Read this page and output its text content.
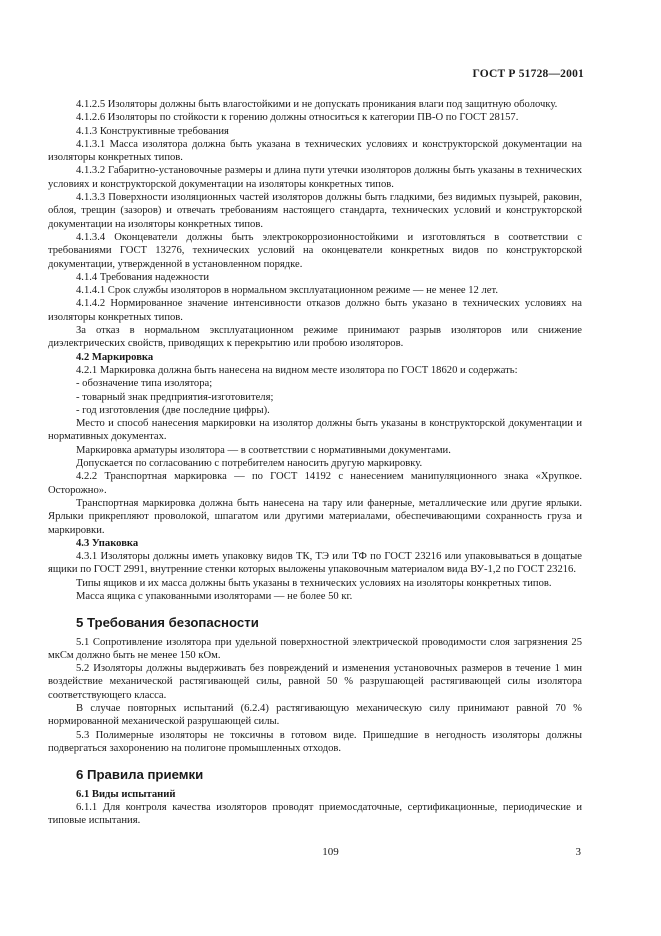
ГОСТ Р 51728—2001

4.1.2.5 Изоляторы должны быть влагостойкими и не допускать проникания влаги под защитную оболочку.

4.1.2.6 Изоляторы по стойкости к горению должны относиться к категории ПВ-О по ГОСТ 28157.

4.1.3 Конструктивные требования

4.1.3.1 Масса изолятора должна быть указана в технических условиях и конструкторской документации на изоляторы конкретных типов.

4.1.3.2 Габаритно-установочные размеры и длина пути утечки изоляторов должны быть указаны в технических условиях и конструкторской документации на изоляторы конкретных типов.

4.1.3.3 Поверхности изоляционных частей изоляторов должны быть гладкими, без видимых пузырей, раковин, облоя, трещин (зазоров) и отвечать требованиям настоящего стандарта, технических условий и конструкторской документации на изоляторы конкретных типов.

4.1.3.4 Оконцеватели должны быть электрокоррозионностойкими и изготовляться в соответствии с требованиями ГОСТ 13276, технических условий на оконцеватели конкретных видов по конструкторской документации, утвержденной в установленном порядке.

4.1.4 Требования надежности

4.1.4.1 Срок службы изоляторов в нормальном эксплуатационном режиме — не менее 12 лет.

4.1.4.2 Нормированное значение интенсивности отказов должно быть указано в технических условиях на изоляторы конкретных типов.

За отказ в нормальном эксплуатационном режиме принимают разрыв изоляторов или снижение диэлектрических свойств, приводящих к перекрытию или пробою изоляторов.

4.2 Маркировка

4.2.1 Маркировка должна быть нанесена на видном месте изолятора по ГОСТ 18620 и содержать:

- обозначение типа изолятора;

- товарный знак предприятия-изготовителя;

- год изготовления (две последние цифры).

Место и способ нанесения маркировки на изолятор должны быть указаны в конструкторской документации и нормативных документах.

Маркировка арматуры изолятора — в соответствии с нормативными документами.

Допускается по согласованию с потребителем наносить другую маркировку.

4.2.2 Транспортная маркировка — по ГОСТ 14192 с нанесением манипуляционного знака «Хрупкое. Осторожно».

Транспортная маркировка должна быть нанесена на тару или фанерные, металлические или другие ярлыки. Ярлыки прикрепляют проволокой, шпагатом или другими материалами, обеспечивающими сохранность груза и маркировки.

4.3 Упаковка

4.3.1 Изоляторы должны иметь упаковку видов ТК, ТЭ или ТФ по ГОСТ 23216 или упаковываться в дощатые ящики по ГОСТ 2991, внутренние стенки которых выложены упаковочным материалом вида ВУ-1,2 по ГОСТ 23216.

Типы ящиков и их масса должны быть указаны в технических условиях на изоляторы конкретных типов.

Масса ящика с упакованными изоляторами — не более 50 кг.

5 Требования безопасности

5.1 Сопротивление изолятора при удельной поверхностной электрической проводимости слоя загрязнения 25 мкСм должно быть не менее 150 кОм.

5.2 Изоляторы должны выдерживать без повреждений и изменения установочных размеров в течение 1 мин воздействие механической растягивающей силы, равной 50 % разрушающей растягивающей силы изолятора соответствующего класса.

В случае повторных испытаний (6.2.4) растягивающую механическую силу принимают равной 70 % нормированной механической разрушающей силы.

5.3 Полимерные изоляторы не токсичны в готовом виде. Пришедшие в негодность изоляторы должны подвергаться захоронению на полигоне промышленных отходов.

6 Правила приемки

6.1 Виды испытаний

6.1.1 Для контроля качества изоляторов проводят приемосдаточные, сертификационные, периодические и типовые испытания.

109	3
